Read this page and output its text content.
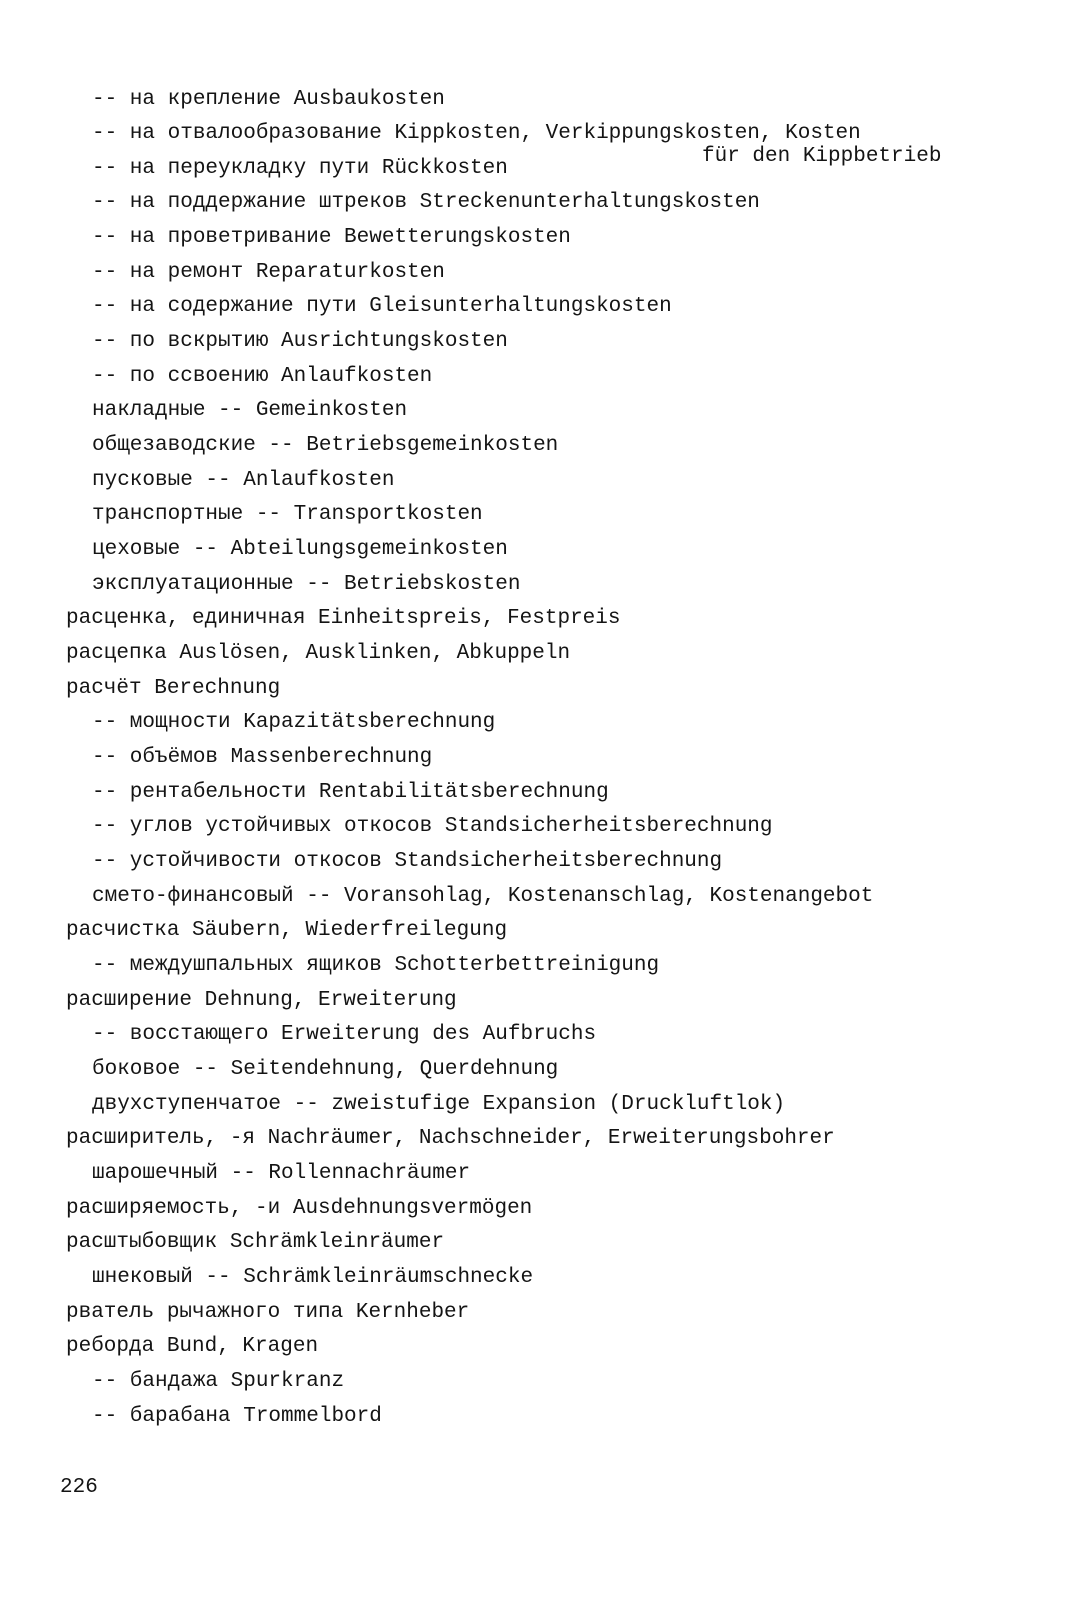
-- на крепление Ausbaukosten
-- на отвалообразование Kippkosten, Verkippungskosten, Kosten
für den Kippbetrieb
-- на переукладку пути Rückkosten
-- на поддержание штреков Streckenunterhaltungskosten
-- на проветривание Bewetterungskosten
-- на ремонт Reparaturkosten
-- на содержание пути Gleisunterhaltungskosten
-- по вскрытию Ausrichtungskosten
-- по ссвоению Anlaufkosten
накладные -- Gemeinkosten
общезаводские -- Betriebsgemeinkosten
пусковые -- Anlaufkosten
транспортные -- Transportkosten
цеховые -- Abteilungsgemeinkosten
эксплуатационные -- Betriebskosten
расценка, единичная Einheitspreis, Festpreis
расцепка Auslösen, Ausklinken, Abkuppeln
расчёт Berechnung
-- мощности Kapazitätsberechnung
-- объёмов Massenberechnung
-- рентабельности Rentabilitätsberechnung
-- углов устойчивых откосов Standsicherheitsberechnung
-- устойчивости откосов Standsicherheitsberechnung
смето-финансовый -- Voransohlag, Kostenanschlag, Kostenangebot
расчистка Säubern, Wiederfreilegung
-- междушпальных ящиков Schotterbettreinigung
расширение Dehnung, Erweiterung
-- восстающего Erweiterung des Aufbruchs
боковое -- Seitendehnung, Querdehnung
двухступенчатое -- zweistufige Expansion (Druckluftlok)
расширитель, -я Nachräumer, Nachschneider, Erweiterungsbohrer
шарошечный -- Rollennachräumer
расширяемость, -и Ausdehnungsvermögen
расштыбовщик Schrämkleinräumer
шнековый -- Schrämkleinräumschnecke
рватель рычажного типа Kernheber
реборда Bund, Kragen
-- бандажа Spurkranz
-- барабана Trommelbord
226
